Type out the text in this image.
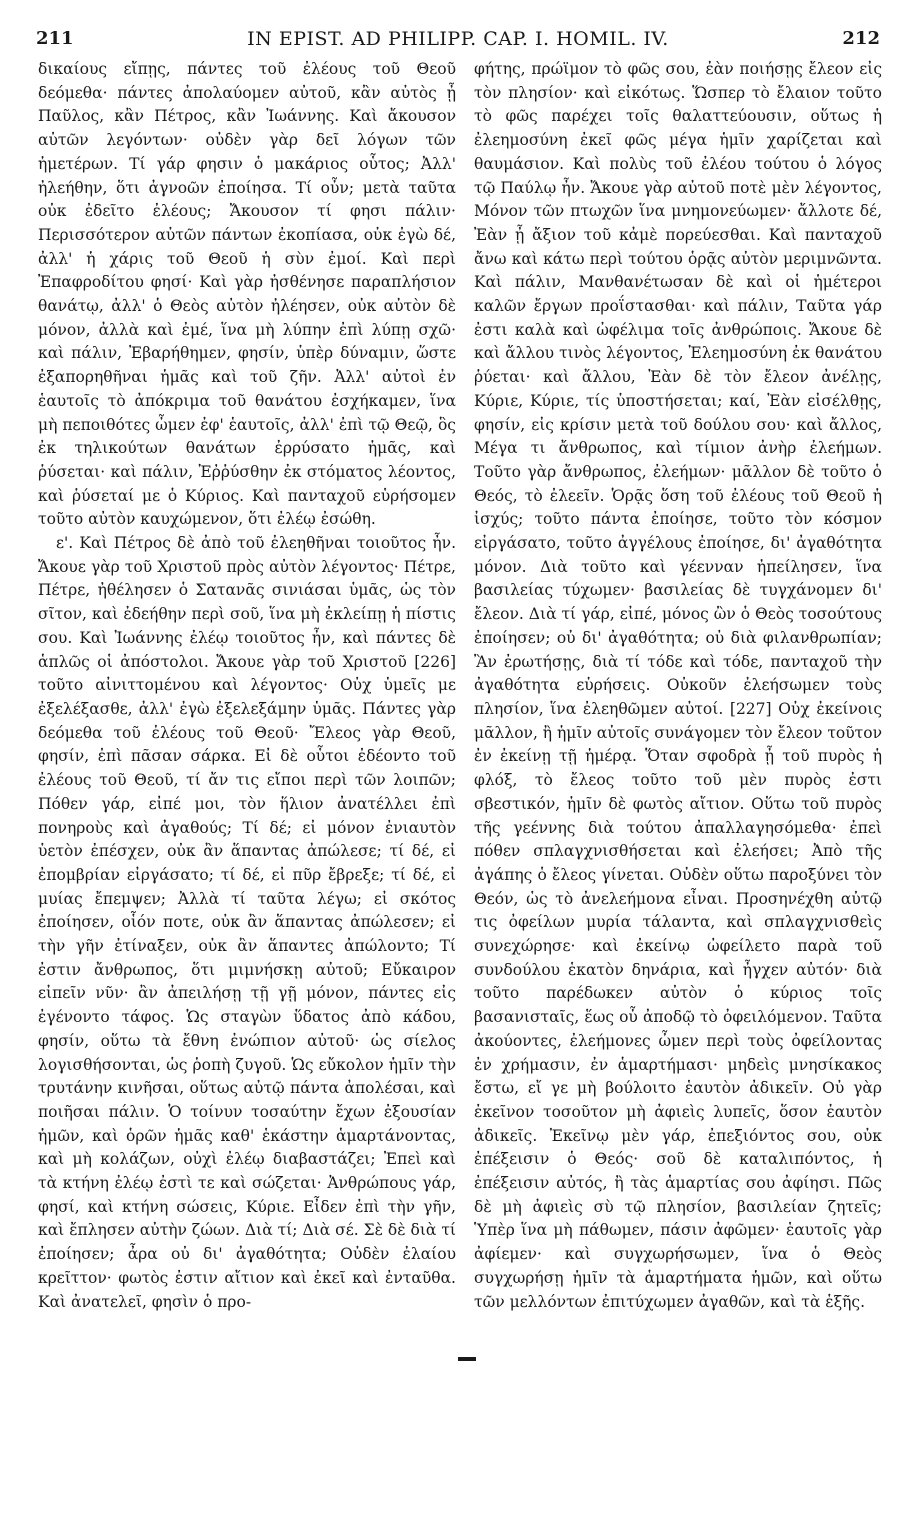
211	IN EPIST. AD PHILIPP. CAP. I. HOMIL. IV.	212

δικαίους εἴπῃς, πάντες τοῦ ἐλέους τοῦ Θεοῦ δεόμεθα· πάντες ἀπολαύομεν αὐτοῦ, κἂν αὐτὸς ᾖ Παῦλος, κἂν Πέτρος, κἂν Ἰωάννης. Καὶ ἄκουσον αὐτῶν λεγόντων· οὐδὲν γὰρ δεῖ λόγων τῶν ἡμετέρων. Τί γάρ φησιν ὁ μακάριος οὗτος; Ἀλλ' ἠλεήθην, ὅτι ἀγνοῶν ἐποίησα. Τί οὖν; μετὰ ταῦτα οὐκ ἐδεῖτο ἐλέους; Ἄκουσον τί φησι πάλιν· Περισσότερον αὐτῶν πάντων ἐκοπίασα, οὐκ ἐγὼ δέ, ἀλλ' ἡ χάρις τοῦ Θεοῦ ἡ σὺν ἐμοί. Καὶ περὶ Ἐπαφροδίτου φησί· Καὶ γὰρ ἠσθένησε παραπλήσιον θανάτῳ, ἀλλ' ὁ Θεὸς αὐτὸν ἠλέησεν, οὐκ αὐτὸν δὲ μόνον, ἀλλὰ καὶ ἐμέ, ἵνα μὴ λύπην ἐπὶ λύπῃ σχῶ· καὶ πάλιν, Ἐβαρήθημεν, φησίν, ὑπὲρ δύναμιν, ὥστε ἐξαπορηθῆναι ἡμᾶς καὶ τοῦ ζῆν. Ἀλλ' αὐτοὶ ἐν ἑαυτοῖς τὸ ἀπόκριμα τοῦ θανάτου ἐσχήκαμεν, ἵνα μὴ πεποιθότες ὦμεν ἐφ' ἑαυτοῖς, ἀλλ' ἐπὶ τῷ Θεῷ, ὃς ἐκ τηλικούτων θανάτων ἐρρύσατο ἡμᾶς, καὶ ῥύσεται· καὶ πάλιν, Ἐῤῥύσθην ἐκ στόματος λέοντος, καὶ ῥύσεταί με ὁ Κύριος. Καὶ πανταχοῦ εὑρήσομεν τοῦτο αὐτὸν καυχώμενον, ὅτι ἐλέῳ ἐσώθη.

ε'. Καὶ Πέτρος δὲ ἀπὸ τοῦ ἐλεηθῆναι τοιοῦτος ἦν. Ἄκουε γὰρ τοῦ Χριστοῦ πρὸς αὐτὸν λέγοντος· Πέτρε, Πέτρε, ἠθέλησεν ὁ Σατανᾶς σινιάσαι ὑμᾶς, ὡς τὸν σῖτον, καὶ ἐδεήθην περὶ σοῦ, ἵνα μὴ ἐκλείπῃ ἡ πίστις σου. Καὶ Ἰωάννης ἐλέῳ τοιοῦτος ἦν, καὶ πάντες δὲ ἁπλῶς οἱ ἀπόστολοι. Ἄκουε γὰρ τοῦ Χριστοῦ [226] τοῦτο αἰνιττομένου καὶ λέγοντος· Οὐχ ὑμεῖς με ἐξελέξασθε, ἀλλ' ἐγὼ ἐξελεξάμην ὑμᾶς. Πάντες γὰρ δεόμεθα τοῦ ἐλέους τοῦ Θεοῦ· Ἔλεος γὰρ Θεοῦ, φησίν, ἐπὶ πᾶσαν σάρκα. Εἰ δὲ οὗτοι ἐδέοντο τοῦ ἐλέους τοῦ Θεοῦ, τί ἄν τις εἴποι περὶ τῶν λοιπῶν; Πόθεν γάρ, εἰπέ μοι, τὸν ἥλιον ἀνατέλλει ἐπὶ πονηροὺς καὶ ἀγαθούς; Τί δέ; εἰ μόνον ἐνιαυτὸν ὑετὸν ἐπέσχεν, οὐκ ἂν ἅπαντας ἀπώλεσε; τί δέ, εἰ ἐπομβρίαν εἰργάσατο; τί δέ, εἰ πῦρ ἔβρεξε; τί δέ, εἰ μυίας ἔπεμψεν; Ἀλλὰ τί ταῦτα λέγω; εἰ σκότος ἐποίησεν, οἷόν ποτε, οὐκ ἂν ἅπαντας ἀπώλεσεν; εἰ τὴν γῆν ἐτίναξεν, οὐκ ἂν ἅπαντες ἀπώλοντο; Τί ἐστιν ἄνθρωπος, ὅτι μιμνήσκῃ αὐτοῦ; Εὔκαιρον εἰπεῖν νῦν· ἂν ἀπειλήσῃ τῇ γῇ μόνον, πάντες εἰς ἐγένοντο τάφος. Ὡς σταγὼν ὕδατος ἀπὸ κάδου, φησίν, οὕτω τὰ ἔθνη ἐνώπιον αὐτοῦ· ὡς σίελος λογισθήσονται, ὡς ῥοπὴ ζυγοῦ. Ὡς εὔκολον ἡμῖν τὴν τρυτάνην κινῆσαι, οὕτως αὐτῷ πάντα ἀπολέσαι, καὶ ποιῆσαι πάλιν. Ὁ τοίνυν τοσαύτην ἔχων ἐξουσίαν ἡμῶν, καὶ ὁρῶν ἡμᾶς καθ' ἑκάστην ἁμαρτάνοντας, καὶ μὴ κολάζων, οὐχὶ ἐλέῳ διαβαστάζει; Ἐπεὶ καὶ τὰ κτήνη ἐλέῳ ἐστὶ τε καὶ σώζεται· Ἀνθρώπους γάρ, φησί, καὶ κτήνη σώσεις, Κύριε. Εἶδεν ἐπὶ τὴν γῆν, καὶ ἔπλησεν αὐτὴν ζώων. Διὰ τί; Διὰ σέ. Σὲ δὲ διὰ τί ἐποίησεν; ἆρα οὐ δι' ἀγαθότητα; Οὐδὲν ἐλαίου κρεῖττον· φωτὸς ἐστιν αἴτιον καὶ ἐκεῖ καὶ ἐνταῦθα. Καὶ ἀνατελεῖ, φησὶν ὁ προ-

φήτης, πρώϊμον τὸ φῶς σου, ἐὰν ποιήσῃς ἔλεον εἰς τὸν πλησίον· καὶ εἰκότως. Ὥσπερ τὸ ἔλαιον τοῦτο τὸ φῶς παρέχει τοῖς θαλαττεύουσιν, οὕτως ἡ ἐλεημοσύνη ἐκεῖ φῶς μέγα ἡμῖν χαρίζεται καὶ θαυμάσιον. Καὶ πολὺς τοῦ ἐλέου τούτου ὁ λόγος τῷ Παύλῳ ἦν. Ἄκουε γὰρ αὐτοῦ ποτὲ μὲν λέγοντος, Μόνον τῶν πτωχῶν ἵνα μνημονεύωμεν· ἄλλοτε δέ, Ἐὰν ᾖ ἄξιον τοῦ κἀμὲ πορεύεσθαι. Καὶ πανταχοῦ ἄνω καὶ κάτω περὶ τούτου ὁρᾷς αὐτὸν μεριμνῶντα. Καὶ πάλιν, Μανθανέτωσαν δὲ καὶ οἱ ἡμέτεροι καλῶν ἔργων προΐστασθαι· καὶ πάλιν, Ταῦτα γάρ ἐστι καλὰ καὶ ὠφέλιμα τοῖς ἀνθρώποις. Ἄκουε δὲ καὶ ἄλλου τινὸς λέγοντος, Ἐλεημοσύνη ἐκ θανάτου ῥύεται· καὶ ἄλλου, Ἐὰν δὲ τὸν ἔλεον ἀνέλῃς, Κύριε, Κύριε, τίς ὑποστήσεται; καί, Ἐὰν εἰσέλθῃς, φησίν, εἰς κρίσιν μετὰ τοῦ δούλου σου· καὶ ἄλλος, Μέγα τι ἄνθρωπος, καὶ τίμιον ἀνὴρ ἐλεήμων. Τοῦτο γὰρ ἄνθρωπος, ἐλεήμων· μᾶλλον δὲ τοῦτο ὁ Θεός, τὸ ἐλεεῖν. Ὁρᾷς ὅση τοῦ ἐλέους τοῦ Θεοῦ ἡ ἰσχύς; τοῦτο πάντα ἐποίησε, τοῦτο τὸν κόσμον εἰργάσατο, τοῦτο ἀγγέλους ἐποίησε, δι' ἀγαθότητα μόνον. Διὰ τοῦτο καὶ γέενναν ἠπείλησεν, ἵνα βασιλείας τύχωμεν· βασιλείας δὲ τυγχάνομεν δι' ἔλεον. Διὰ τί γάρ, εἰπέ, μόνος ὢν ὁ Θεὸς τοσούτους ἐποίησεν; οὐ δι' ἀγαθότητα; οὐ διὰ φιλανθρωπίαν; Ἂν ἐρωτήσῃς, διὰ τί τόδε καὶ τόδε, πανταχοῦ τὴν ἀγαθότητα εὑρήσεις. Οὐκοῦν ἐλεήσωμεν τοὺς πλησίον, ἵνα ἐλεηθῶμεν αὐτοί. [227] Οὐχ ἐκείνοις μᾶλλον, ἢ ἡμῖν αὐτοῖς συνάγομεν τὸν ἔλεον τοῦτον ἐν ἐκείνῃ τῇ ἡμέρᾳ. Ὅταν σφοδρὰ ᾖ τοῦ πυρὸς ἡ φλόξ, τὸ ἔλεος τοῦτο τοῦ μὲν πυρὸς ἐστι σβεστικόν, ἡμῖν δὲ φωτὸς αἴτιον. Οὕτω τοῦ πυρὸς τῆς γεέννης διὰ τούτου ἀπαλλαγησόμεθα· ἐπεὶ πόθεν σπλαγχνισθήσεται καὶ ἐλεήσει; Ἀπὸ τῆς ἀγάπης ὁ ἔλεος γίνεται. Οὐδὲν οὕτω παροξύνει τὸν Θεόν, ὡς τὸ ἀνελεήμονα εἶναι. Προσηνέχθη αὐτῷ τις ὀφείλων μυρία τάλαντα, καὶ σπλαγχνισθεὶς συνεχώρησε· καὶ ἐκείνῳ ὠφείλετο παρὰ τοῦ συνδούλου ἑκατὸν δηνάρια, καὶ ἦγχεν αὐτόν· διὰ τοῦτο παρέδωκεν αὐτὸν ὁ κύριος τοῖς βασανισταῖς, ἕως οὗ ἀποδῷ τὸ ὀφειλόμενον. Ταῦτα ἀκούοντες, ἐλεήμονες ὦμεν περὶ τοὺς ὀφείλοντας ἐν χρήμασιν, ἐν ἁμαρτήμασι· μηδεὶς μνησίκακος ἔστω, εἴ γε μὴ βούλοιτο ἑαυτὸν ἀδικεῖν. Οὐ γὰρ ἐκεῖνον τοσοῦτον μὴ ἀφιεὶς λυπεῖς, ὅσον ἑαυτὸν ἀδικεῖς. Ἐκεῖνῳ μὲν γάρ, ἐπεξιόντος σου, οὐκ ἐπέξεισιν ὁ Θεός· σοῦ δὲ καταλιπόντος, ἡ ἐπέξεισιν αὐτός, ἢ τὰς ἁμαρτίας σου ἀφίησι. Πῶς δὲ μὴ ἀφιεὶς σὺ τῷ πλησίον, βασιλείαν ζητεῖς; Ὑπὲρ ἵνα μὴ πάθωμεν, πάσιν ἀφῶμεν· ἑαυτοῖς γὰρ ἀφίεμεν· καὶ συγχωρήσωμεν, ἵνα ὁ Θεὸς συγχωρήσῃ ἡμῖν τὰ ἁμαρτήματα ἡμῶν, καὶ οὕτω τῶν μελλόντων ἐπιτύχωμεν ἀγαθῶν, καὶ τὰ ἑξῆς.
